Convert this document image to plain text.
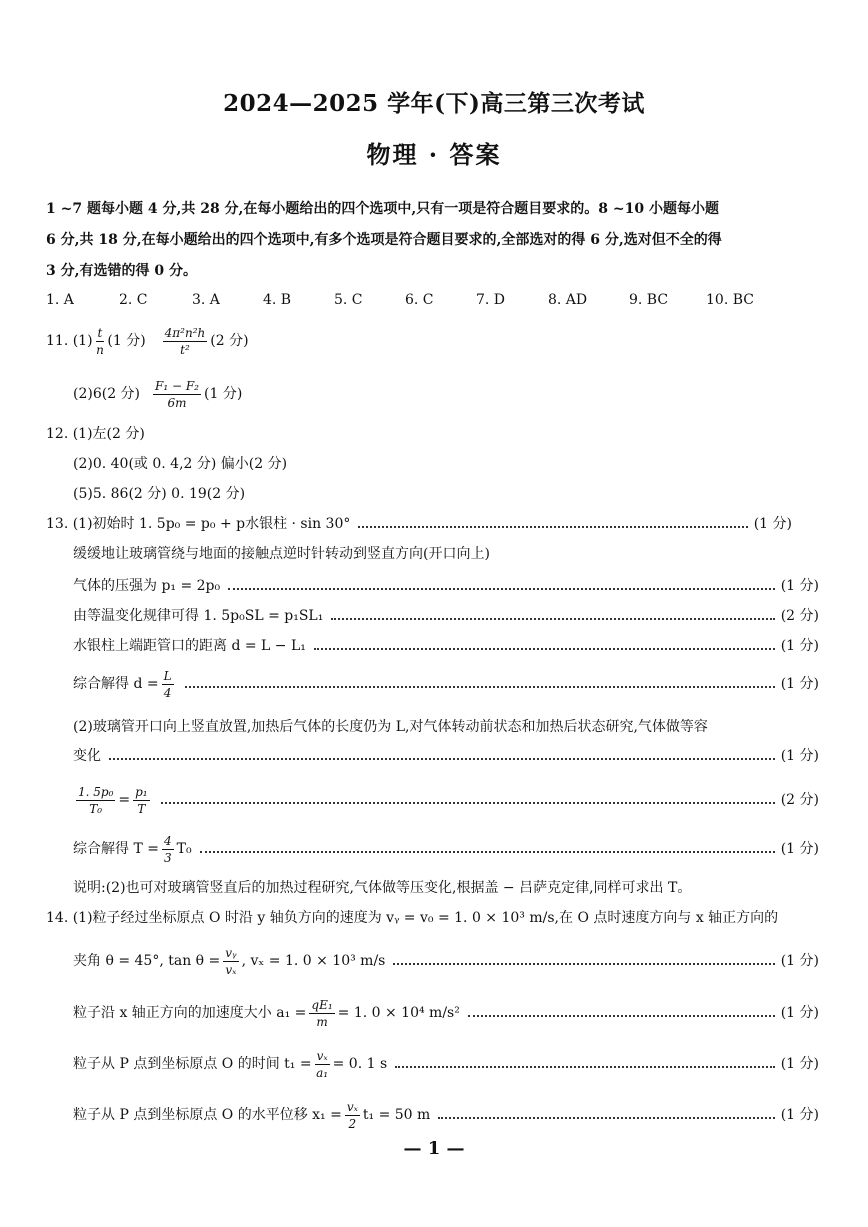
2024—2025 学年(下)高三第三次考试
物理 · 答案
1 ~7 题每小题 4 分,共 28 分,在每小题给出的四个选项中,只有一项是符合题目要求的。8 ~10 小题每小题
6 分,共 18 分,在每小题给出的四个选项中,有多个选项是符合题目要求的,全部选对的得 6 分,选对但不全的得
3 分,有选错的得 0 分。
1. A	2. C	3. A	4. B	5. C	6. C	7. D	8. AD	9. BC	10. BC
11. $(1) \frac{t}{n} (1$ 分) $\frac{\text{4π²n²h}}{\text{t²}} (2$ 分)
(2)6(2 分) $\frac{\text{F₁ − F₂}}{6m} (1$ 分)
12. (1)左(2 分)
(2)0. 40(或 0. 4,2 分) 偏小(2 分)
(5)5. 86(2 分) 0. 19(2 分)
13. (1)初始时 1. 5p₀ = p₀ + p水银柱 · sin 30°	(1 分)
缓缓地让玻璃管绕与地面的接触点逆时针转动到竖直方向(开口向上)
气体的压强为 p₁ = 2p₀	(1 分)
由等温变化规律可得 1. 5p₀SL = p₁SL₁	(2 分)
水银柱上端距管口的距离 d = L − L₁	(1 分)
综合解得 $d = \frac{L}{4}$	(1 分)
(2)玻璃管开口向上竖直放置,加热后气体的长度仍为 L,对气体转动前状态和加热后状态研究,气体做等容
变化	(1 分)
$\frac{\text{1. 5p₀}}{\text{T₀}} = \frac{\text{p₁}}{T}$	(2 分)
综合解得 $T = \frac{4}{3} T_0$	(1 分)
说明:(2)也可对玻璃管竖直后的加热过程研究,气体做等压变化,根据盖 − 吕萨克定律,同样可求出 T。
14. (1)粒子经过坐标原点 O 时沿 y 轴负方向的速度为 vᵧ = v₀ = 1. 0 × 10³ m/s,在 O 点时速度方向与 x 轴正方向的
夹角 θ = 45°, $\tan \theta = \frac{\text{vᵧ}}{\text{vₓ}}$ , vₓ = 1. 0 × 10³ m/s	(1 分)
粒子沿 x 轴正方向的加速度大小 $a_1 = \frac{\text{qE₁}}{m} = 1$. 0 × 10⁴ m/s²	(1 分)
粒子从 P 点到坐标原点 O 的时间 $t_1 = \frac{\text{vₓ}}{\text{a₁}} = 0$. 1 s	(1 分)
粒子从 P 点到坐标原点 O 的水平位移 $x_1 = \frac{\text{vₓ}}{2} t_1 = 50$ m	(1 分)
— 1 —
